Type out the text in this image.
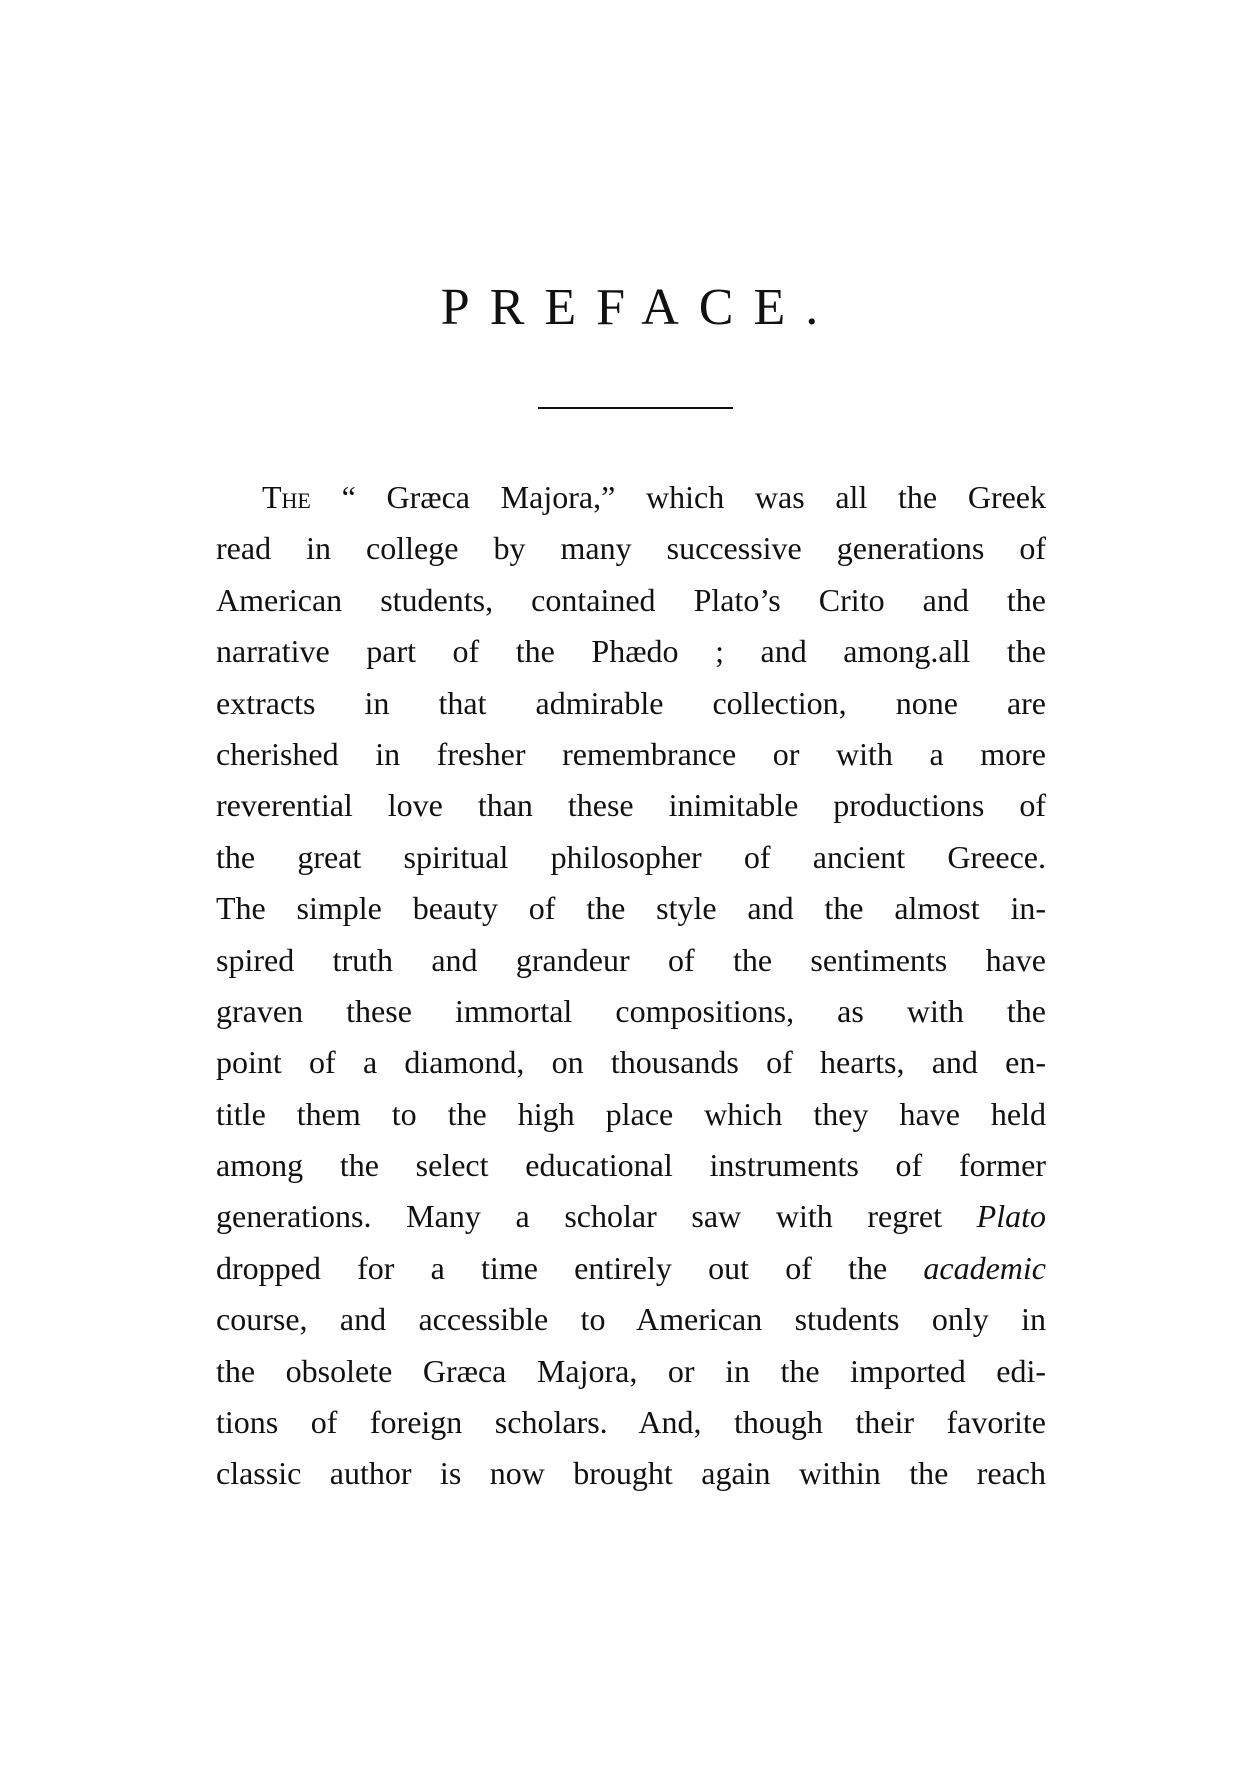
PREFACE.
The “ Græca Majora,” which was all the Greek
read in college by many successive generations of
American students, contained Plato’s Crito and the
narrative part of the Phædo ; and among.all the
extracts in that admirable collection, none are
cherished in fresher remembrance or with a more
reverential love than these inimitable productions of
the great spiritual philosopher of ancient Greece.
The simple beauty of the style and the almost in-
spired truth and grandeur of the sentiments have
graven these immortal compositions, as with the
point of a diamond, on thousands of hearts, and en-
title them to the high place which they have held
among the select educational instruments of former
generations. Many a scholar saw with regret Plato
dropped for a time entirely out of the academic
course, and accessible to American students only in
the obsolete Græca Majora, or in the imported edi-
tions of foreign scholars. And, though their favorite
classic author is now brought again within the reach
